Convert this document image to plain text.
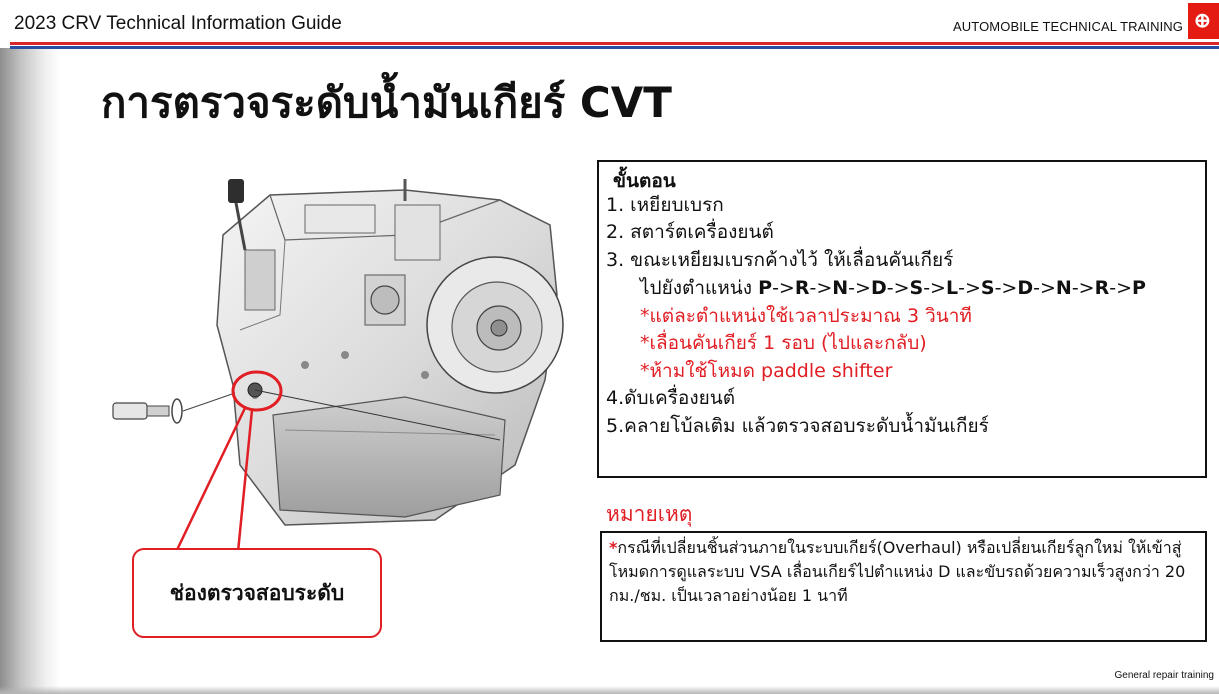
2023 CRV Technical Information Guide	AUTOMOBILE TECHNICAL TRAINING ⊕
การตรวจระดับน้ำมันเกียร์ CVT
ช่องตรวจสอบระดับ
ขั้นตอน
1. เหยียบเบรก
2. สตาร์ตเครื่องยนต์
3. ขณะเหยียมเบรกค้างไว้ ให้เลื่อนคันเกียร์
ไปยังตำแหน่ง P->R->N->D->S->L->S->D->N->R->P
*แต่ละตำแหน่งใช้เวลาประมาณ 3 วินาที
*เลื่อนคันเกียร์ 1 รอบ (ไปและกลับ)
*ห้ามใช้โหมด paddle shifter
4.ดับเครื่องยนต์
5.คลายโบ้ลเติม แล้วตรวจสอบระดับน้ำมันเกียร์
หมายเหตุ
*กรณีที่เปลี่ยนชิ้นส่วนภายในระบบเกียร์(Overhaul) หรือเปลี่ยนเกียร์ลูกใหม่ ให้เข้าสู่โหมดการดูแลระบบ VSA เลื่อนเกียร์ไปตำแหน่ง D และขับรถด้วยความเร็วสูงกว่า 20 กม./ชม. เป็นเวลาอย่างน้อย 1 นาที
General repair training
